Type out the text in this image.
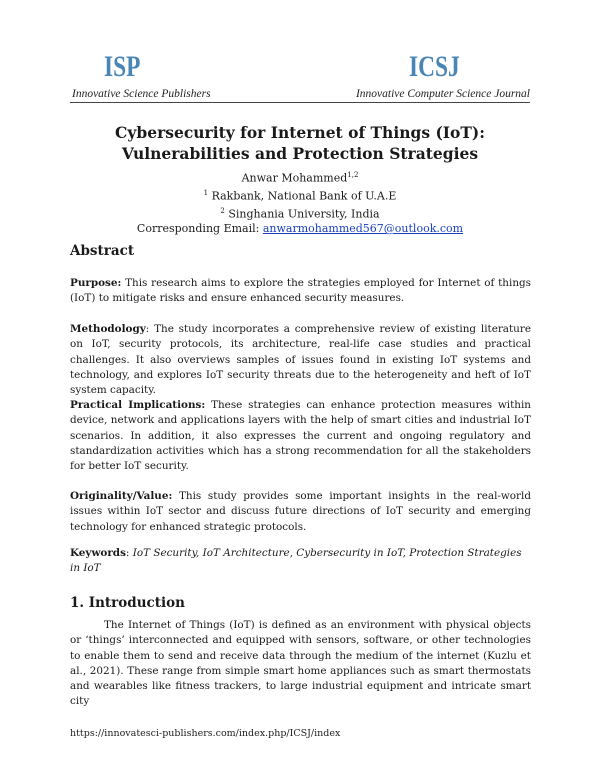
ISP
Innovative Science Publishers
ICSJ
Innovative Computer Science Journal
Cybersecurity for Internet of Things (IoT):
Vulnerabilities and Protection Strategies
Anwar Mohammed$^{1,2}$
$^1$ Rakbank, National Bank of U.A.E
$^2$ Singhania University, India
Corresponding Email: anwarmohammed567@outlook.com
Abstract
Purpose: This research aims to explore the strategies employed for Internet of things (IoT) to mitigate risks and ensure enhanced security measures.
Methodology: The study incorporates a comprehensive review of existing literature on IoT, security protocols, its architecture, real-life case studies and practical challenges. It also overviews samples of issues found in existing IoT systems and technology, and explores IoT security threats due to the heterogeneity and heft of IoT system capacity.
Practical Implications: These strategies can enhance protection measures within device, network and applications layers with the help of smart cities and industrial IoT scenarios. In addition, it also expresses the current and ongoing regulatory and standardization activities which has a strong recommendation for all the stakeholders for better IoT security.
Originality/Value: This study provides some important insights in the real-world issues within IoT sector and discuss future directions of IoT security and emerging technology for enhanced strategic protocols.
Keywords: IoT Security, IoT Architecture, Cybersecurity in IoT, Protection Strategies in IoT
1. Introduction
The Internet of Things (IoT) is defined as an environment with physical objects or ‘things’ interconnected and equipped with sensors, software, or other technologies to enable them to send and receive data through the medium of the internet (Kuzlu et al., 2021). These range from simple smart home appliances such as smart thermostats and wearables like fitness trackers, to large industrial equipment and intricate smart city
https://innovatesci-publishers.com/index.php/ICSJ/index
